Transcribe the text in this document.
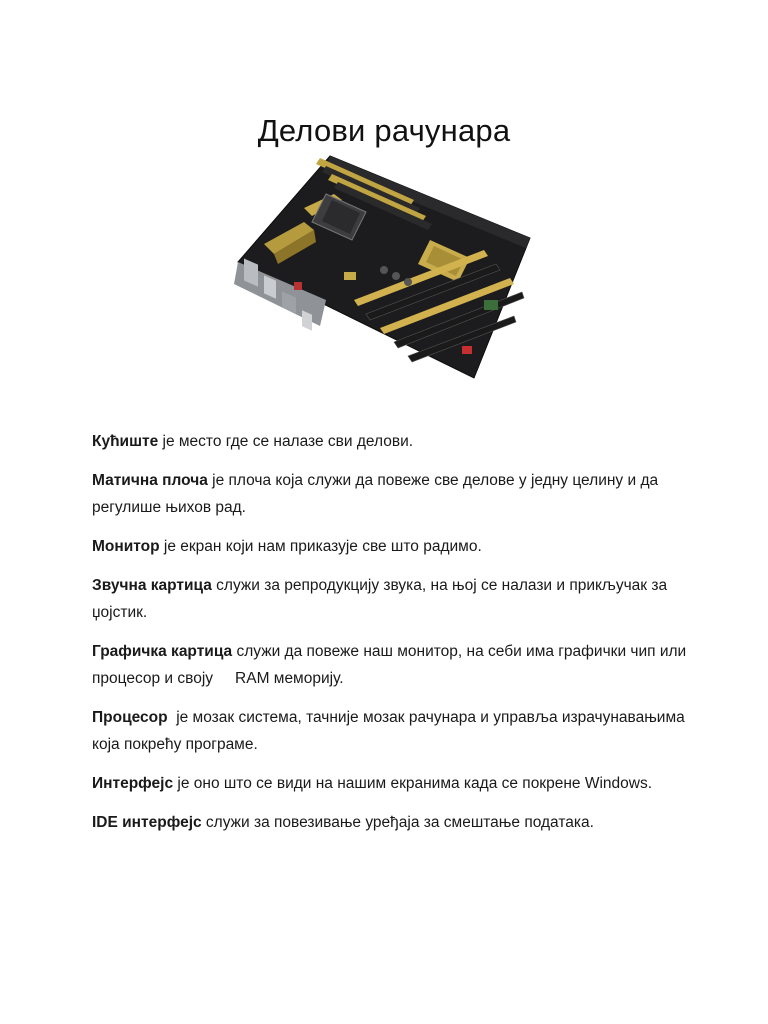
Делови рачунара

Кућиште је место где се налазе сви делови.

Матична плоча је плоча која служи да повеже све делове у једну целину и да регулише њихов рад.

Монитор је екран који нам приказује све што радимо.

Звучна картица служи за репродукцију звука, на њој се налази и прикључак за џојстик.

Графичка картица служи да повеже наш монитор, на себи има графички чип или процесор и своју RAM меморију.

Процесор  је мозак система, тачније мозак рачунара и управља израчунавањима која покрећу програме.

Интерфејс је оно што се види на нашим екранима када се покрене Windows.

IDE интерфејс служи за повезивање уређаја за смештање података.
